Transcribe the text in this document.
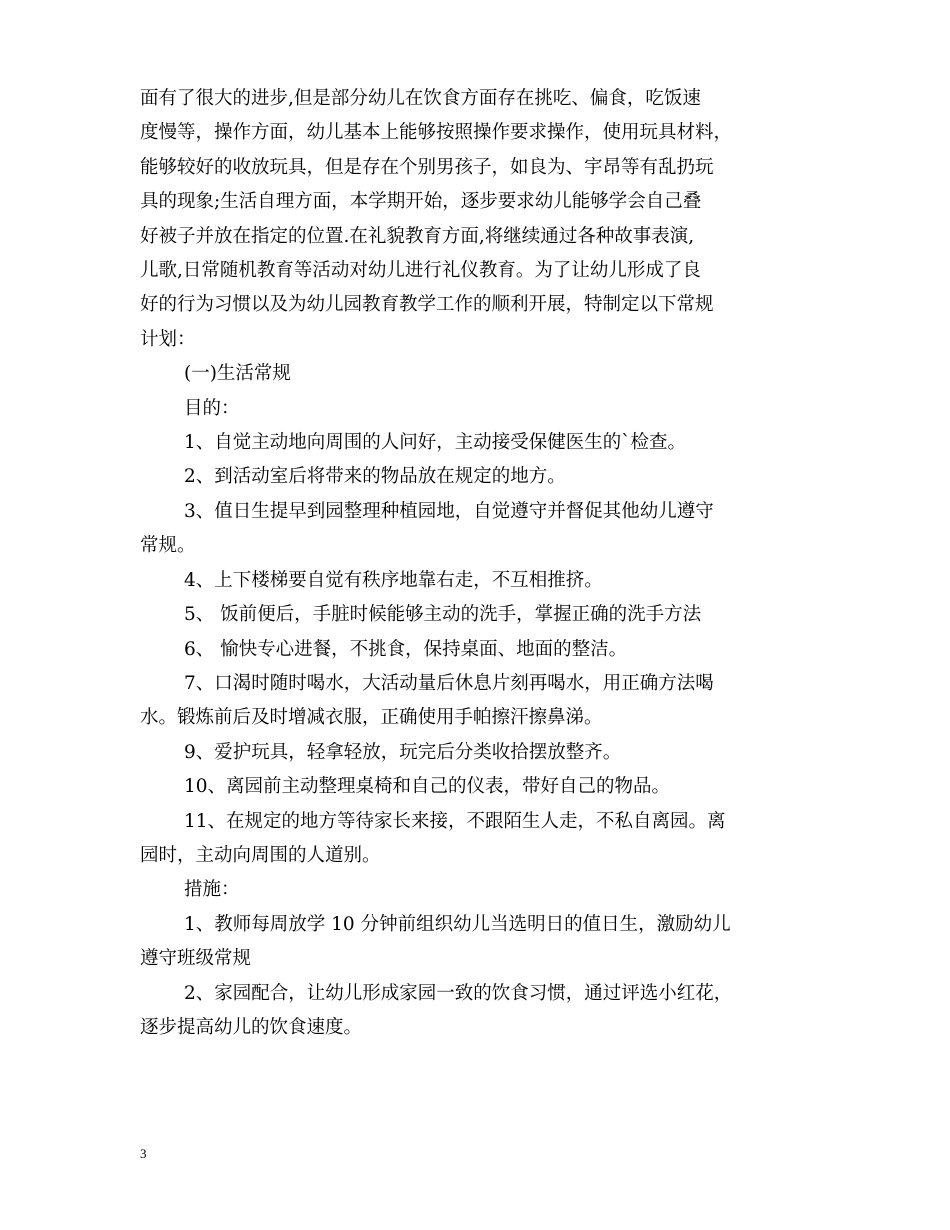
面有了很大的进步,但是部分幼儿在饮食方面存在挑吃、偏食，吃饭速
度慢等，操作方面，幼儿基本上能够按照操作要求操作，使用玩具材料，
能够较好的收放玩具，但是存在个别男孩子，如良为、宇昂等有乱扔玩
具的现象;生活自理方面，本学期开始，逐步要求幼儿能够学会自己叠
好被子并放在指定的位置.在礼貌教育方面,将继续通过各种故事表演,
儿歌,日常随机教育等活动对幼儿进行礼仪教育。为了让幼儿形成了良
好的行为习惯以及为幼儿园教育教学工作的顺利开展，特制定以下常规
计划：

(一)生活常规

目的：

1、自觉主动地向周围的人问好，主动接受保健医生的`检查。

2、到活动室后将带来的物品放在规定的地方。

3、值日生提早到园整理种植园地，自觉遵守并督促其他幼儿遵守

常规。

4、上下楼梯要自觉有秩序地靠右走，不互相推挤。

5、 饭前便后，手脏时候能够主动的洗手，掌握正确的洗手方法

6、 愉快专心进餐，不挑食，保持桌面、地面的整洁。

7、口渴时随时喝水，大活动量后休息片刻再喝水，用正确方法喝

水。锻炼前后及时增减衣服，正确使用手帕擦汗擦鼻涕。

9、爱护玩具，轻拿轻放，玩完后分类收拾摆放整齐。

10、离园前主动整理桌椅和自己的仪表，带好自己的物品。

11、在规定的地方等待家长来接，不跟陌生人走，不私自离园。离

园时，主动向周围的人道别。

措施：

1、教师每周放学 10 分钟前组织幼儿当选明日的值日生，激励幼儿

遵守班级常规

2、家园配合，让幼儿形成家园一致的饮食习惯，通过评选小红花，

逐步提高幼儿的饮食速度。

3
